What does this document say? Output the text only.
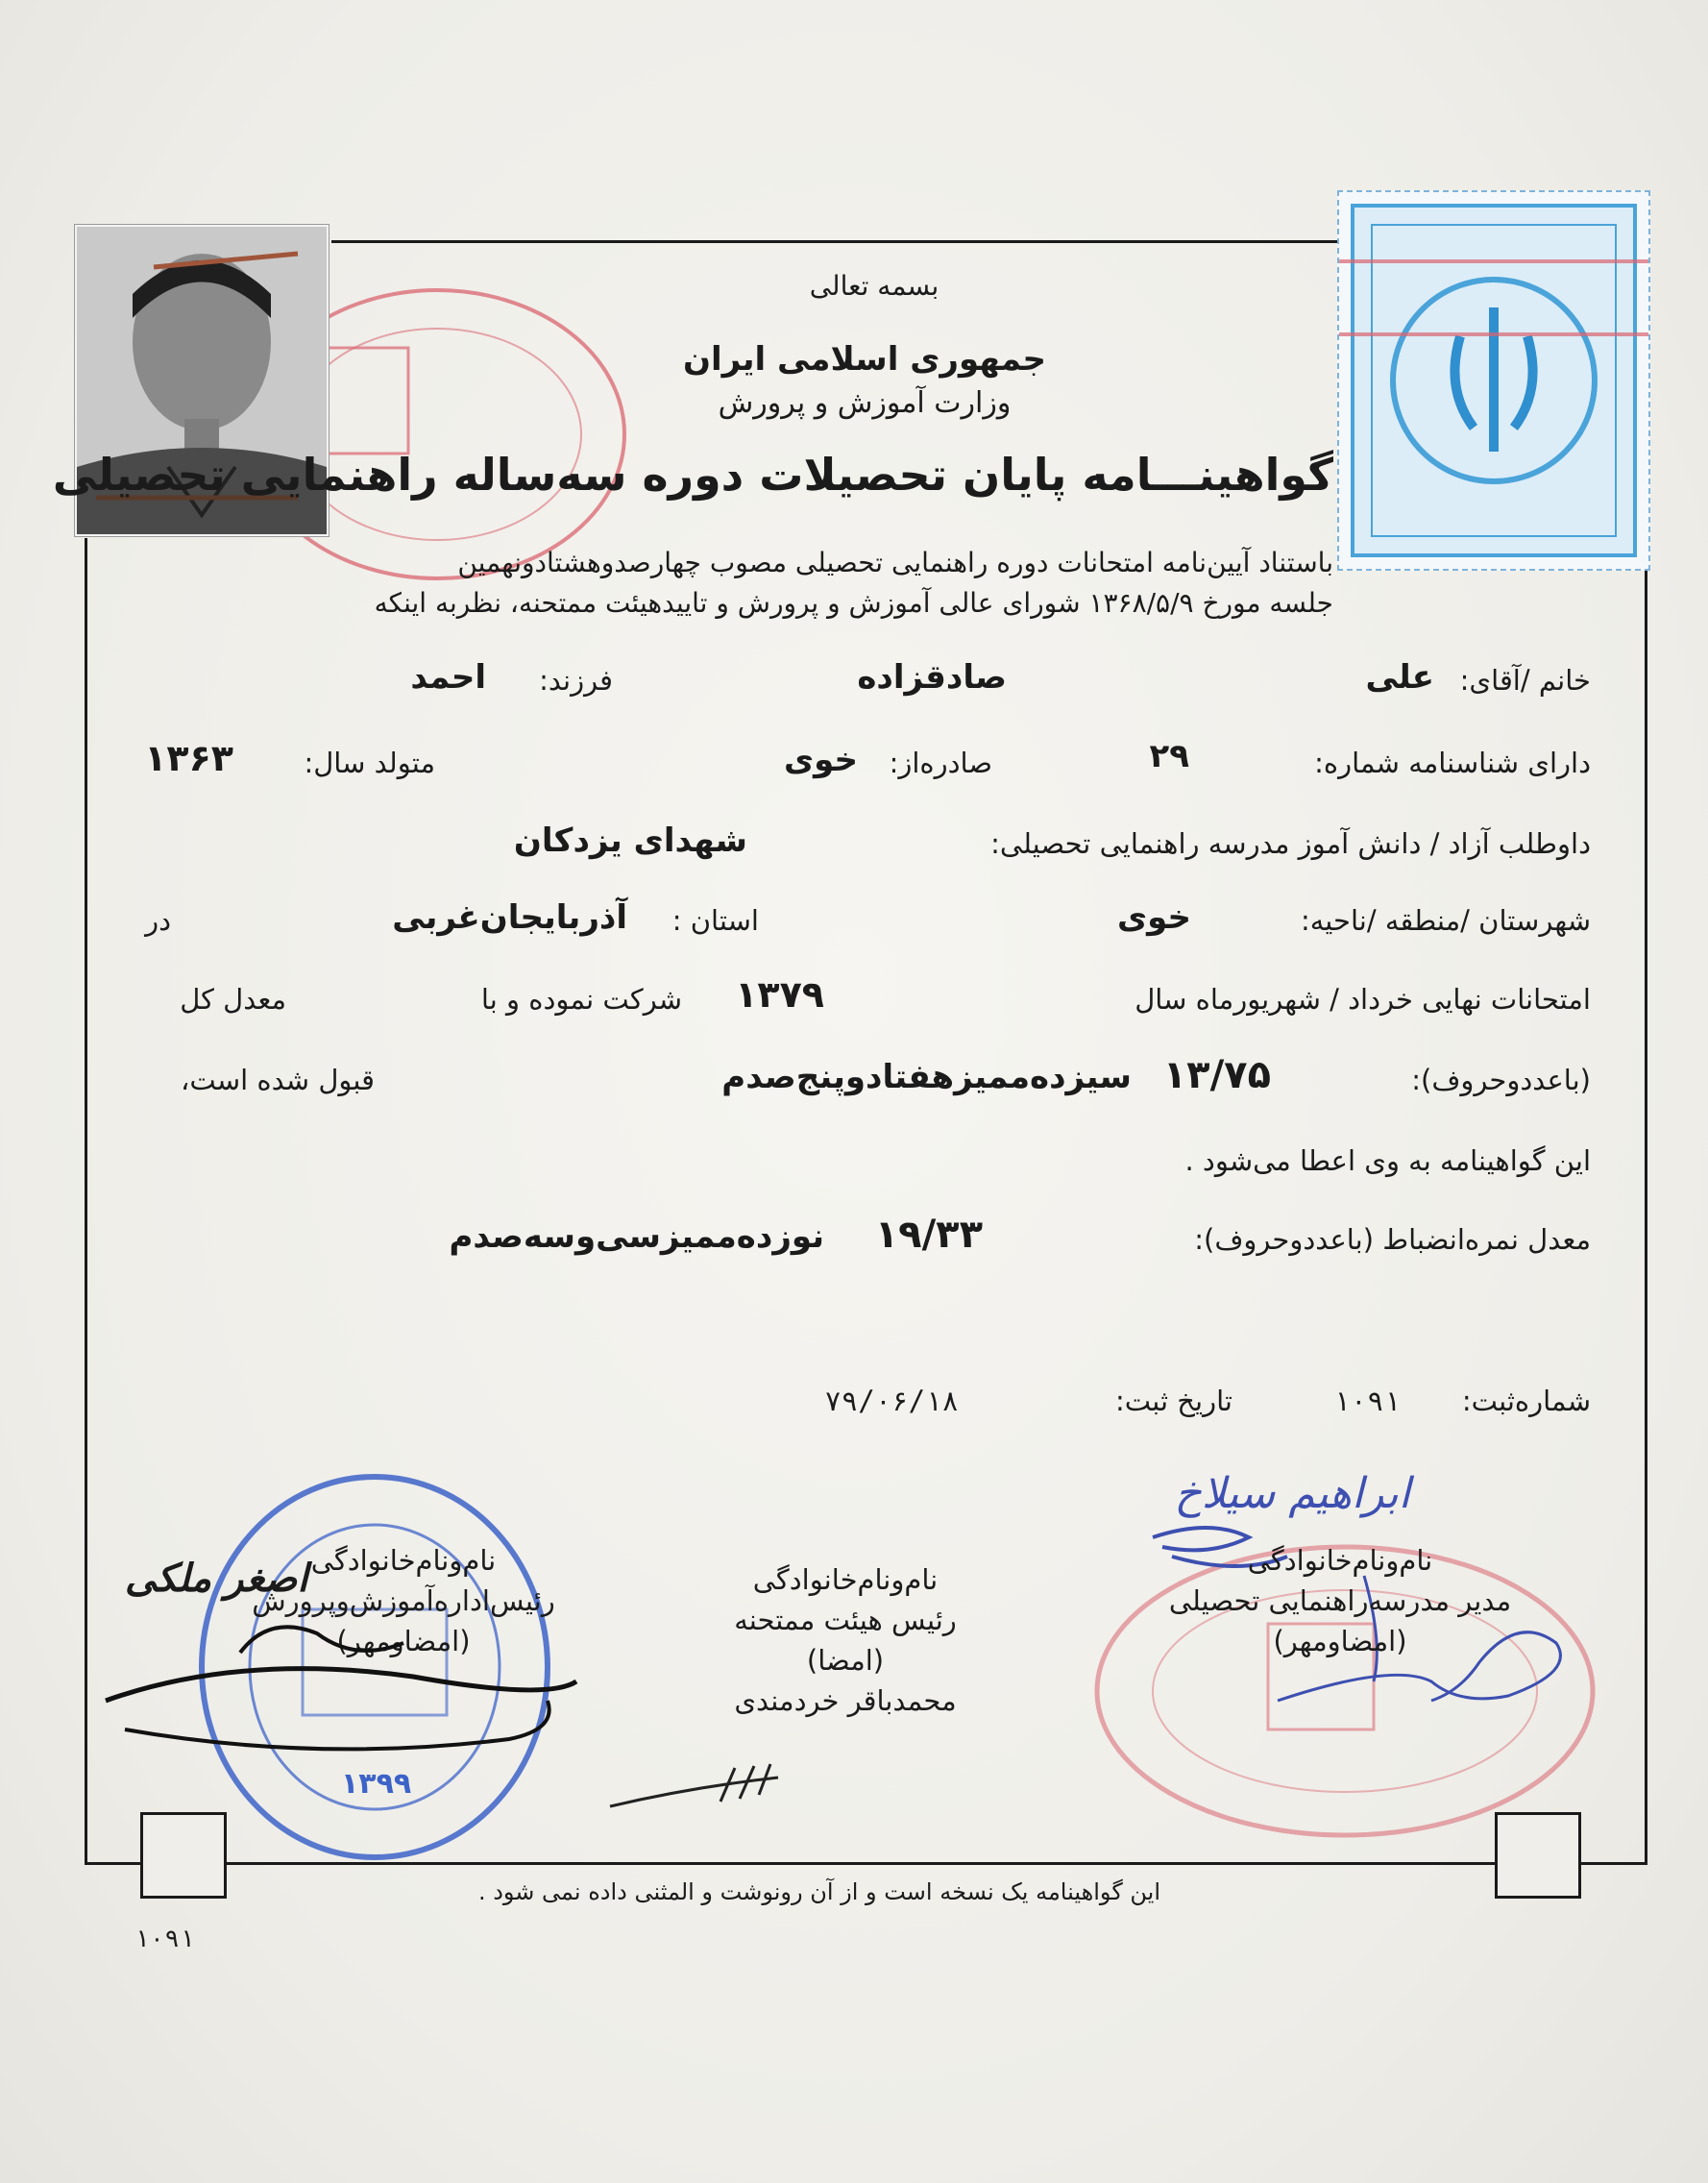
بسمه تعالی
جمهوری اسلامی ایران
وزارت آموزش و پرورش
گواهینـــامه پایان تحصیلات دوره سه‌ساله راهنمایی تحصیلی
باستناد آیین‌نامه امتحانات دوره راهنمایی تحصیلی مصوب چهارصدوهشتادونهمین
جلسه مورخ ۱۳۶۸/۵/۹ شورای عالی آموزش و پرورش و تاییدهیئت ممتحنه، نظربه اینکه
خانم /آقای:
علی
صادقزاده
فرزند:
احمد
دارای شناسنامه شماره:
۲۹
صادره‌از:
خوی
متولد سال:
۱۳۶۳
داوطلب آزاد / دانش آموز مدرسه راهنمایی تحصیلی:
شهدای یزدکان
شهرستان /منطقه /ناحیه:
خوی
استان :
آذربایجان‌غربی
در
امتحانات نهایی خرداد / شهریورماه سال
۱۳۷۹
شرکت نموده و با
معدل کل
(باعددوحروف):
۱۳/۷۵
سیزده‌ممیزهفتادوپنج‌صدم
قبول شده است،
این گواهینامه به وی اعطا می‌شود .
معدل نمره‌انضباط (باعددوحروف):
۱۹/۳۳
نوزده‌ممیزسی‌وسه‌صدم
شماره‌ثبت:
۱۰۹۱
تاریخ ثبت:
۷۹/۰۶/۱۸
ابراهیم سیلاخ
نام‌ونام‌خانوادگی
مدیر مدرسه‌راهنمایی تحصیلی
(امضاومهر)
نام‌ونام‌خانوادگی
رئیس هیئت ممتحنه
(امضا)
محمدباقر خردمندی
۱۳۹۹
نام‌ونام‌خانوادگی
رئیس‌اداره‌آموزش‌وپرورش
(امضاومهر)
اصغر ملکی
این گواهینامه یک نسخه است و از آن رونوشت و المثنی داده نمی شود .
۱۰۹۱
